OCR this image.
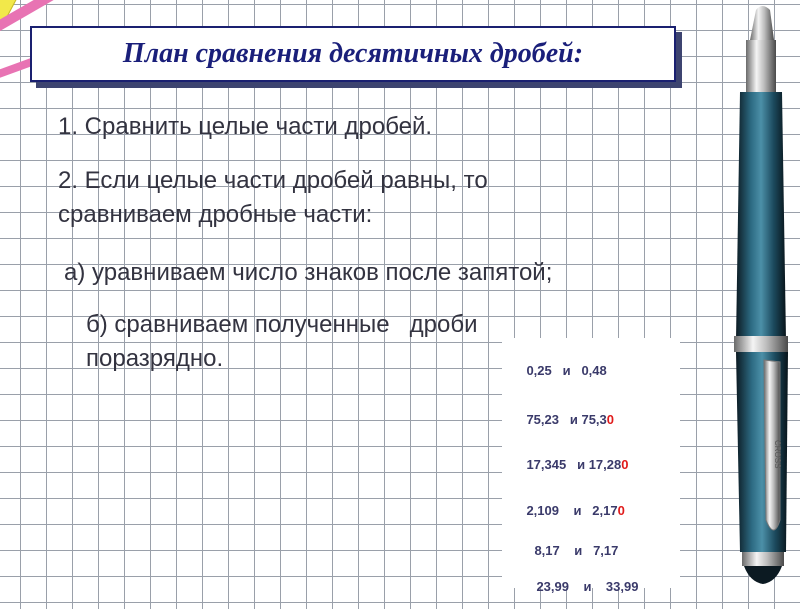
План сравнения десятичных дробей:
1. Сравнить целые части дробей.
2. Если целые части дробей равны, то
сравниваем дробные части:
а) уравниваем число знаков после запятой;
б) сравниваем полученные   дроби
поразрядно.	0,25 и 0,48

75,23 и 75,30

17,345 и 17,280

2,109 и 2,170

8,17 и 7,17

23,99 и 33,99

CROSS
